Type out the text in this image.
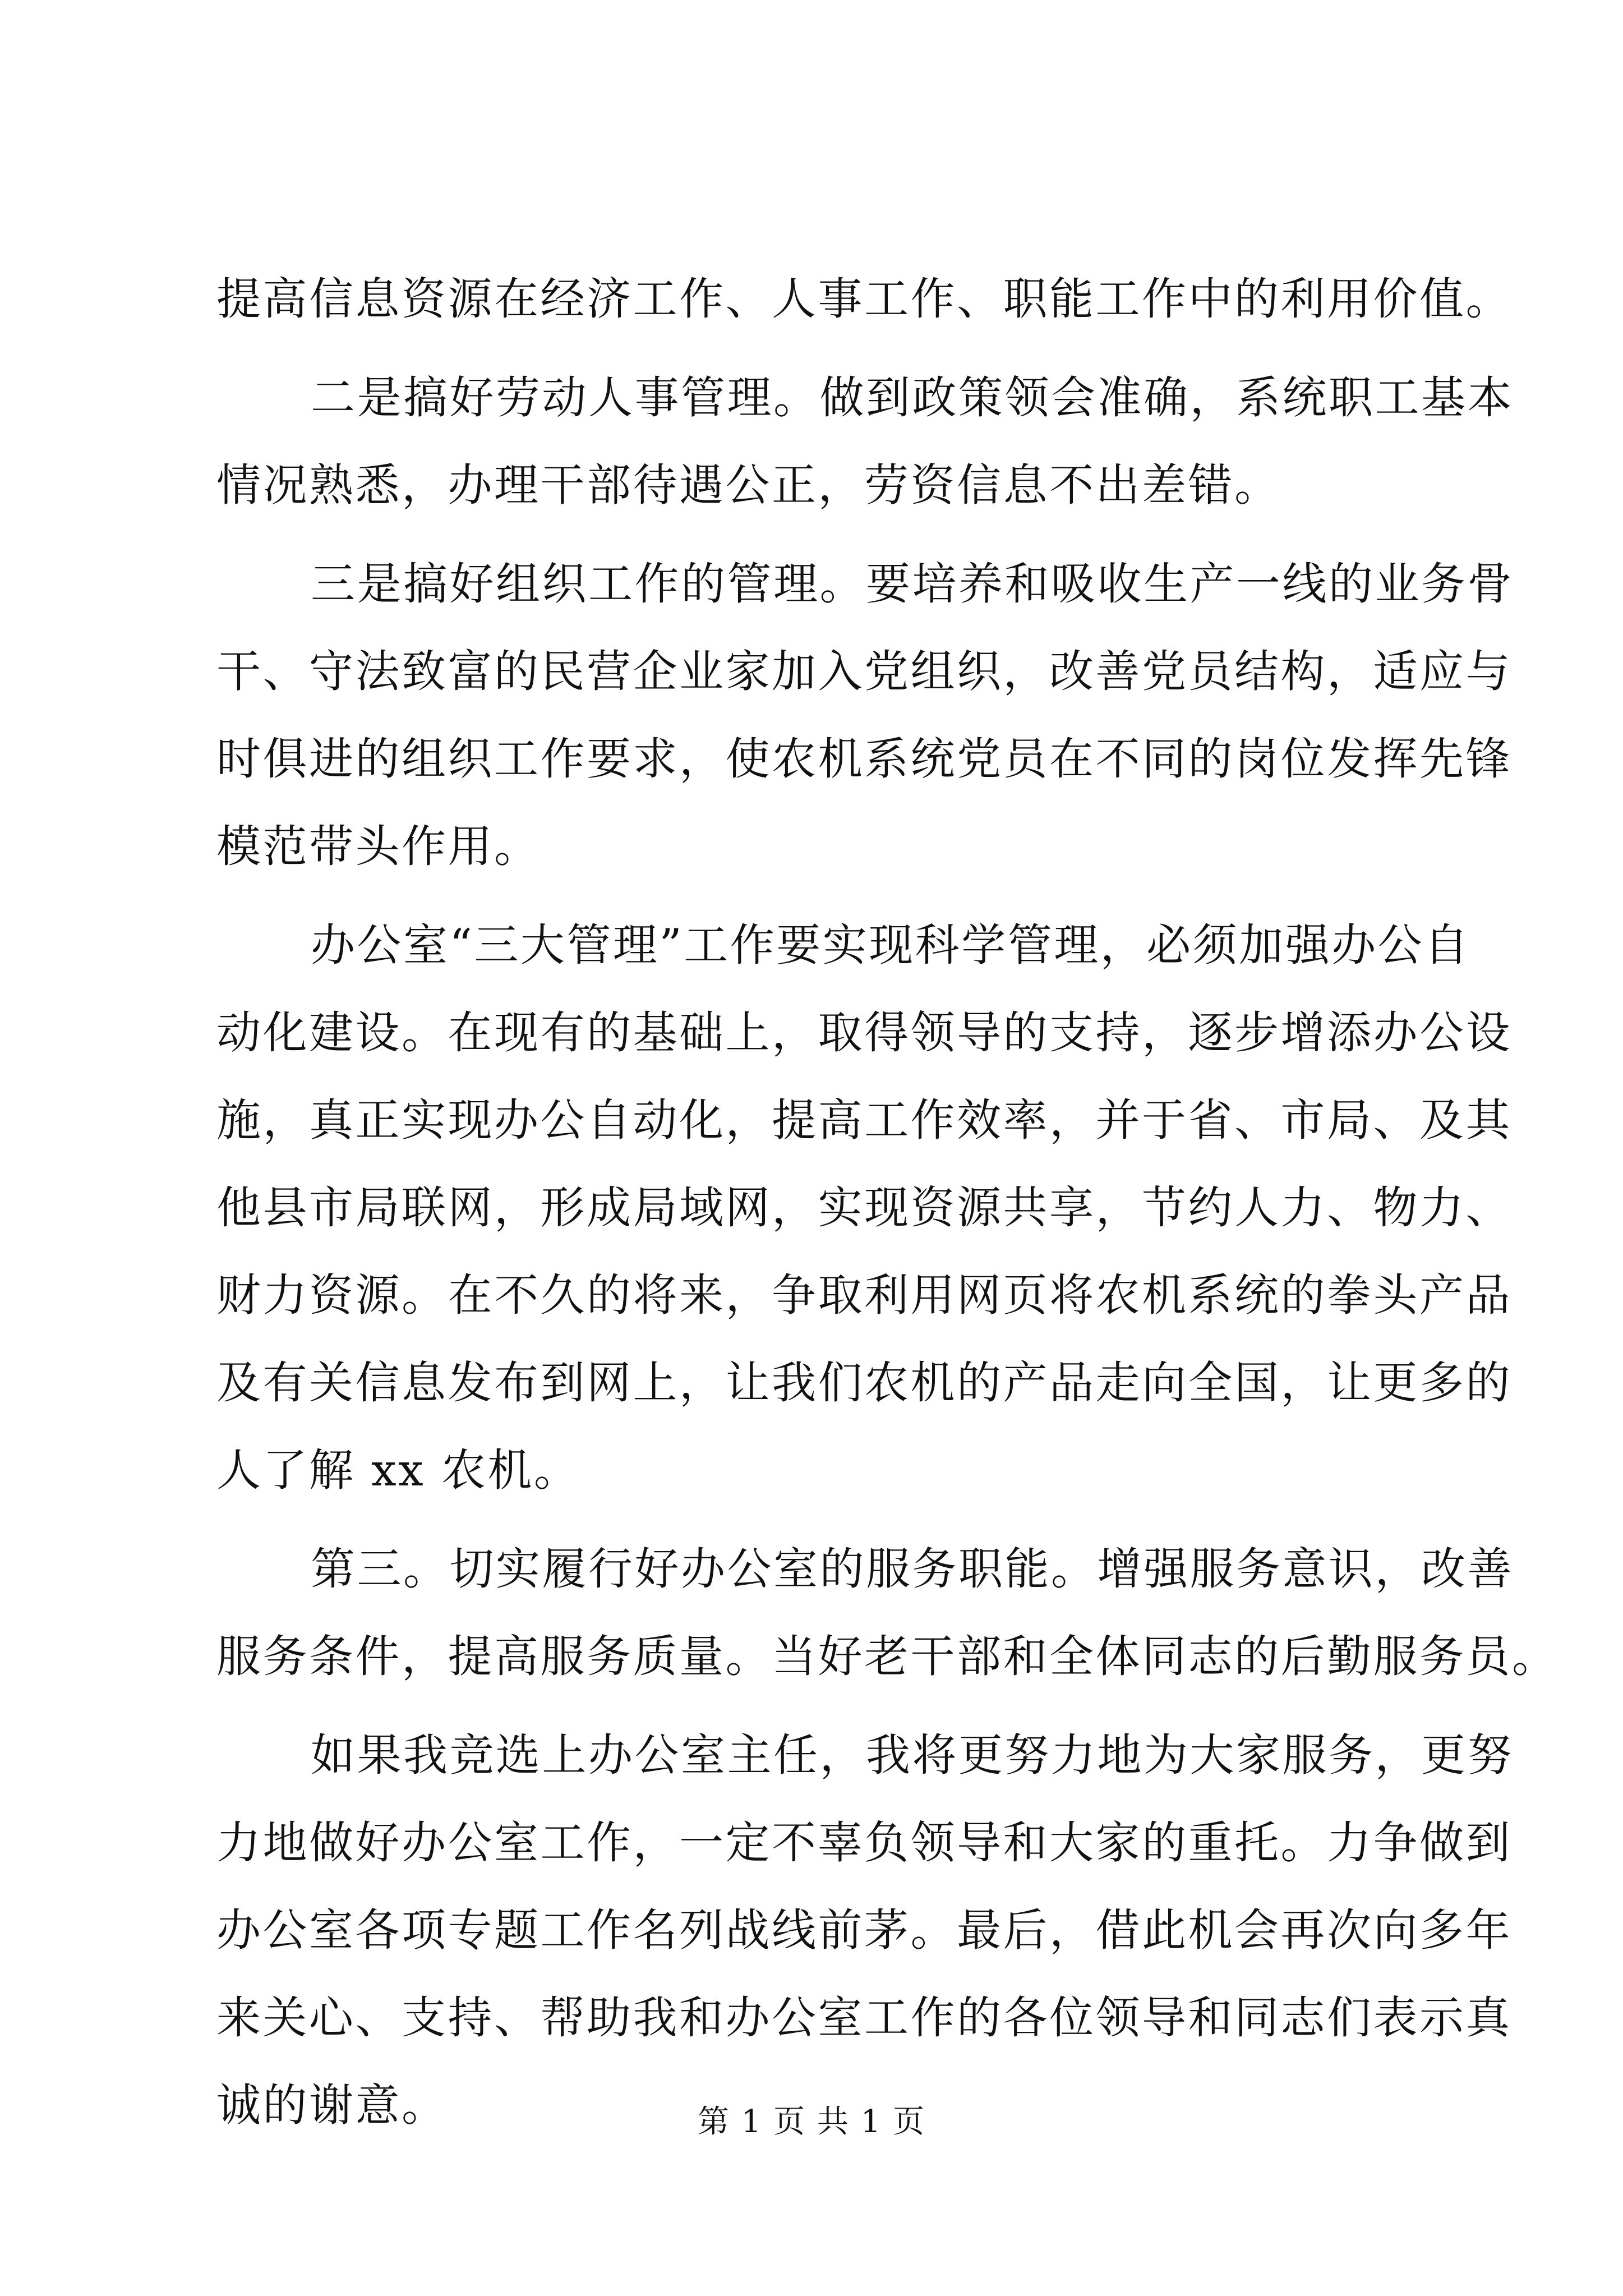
提高信息资源在经济工作、人事工作、职能工作中的利用价值。
二是搞好劳动人事管理。做到政策领会准确，系统职工基本
情况熟悉，办理干部待遇公正，劳资信息不出差错。
三是搞好组织工作的管理。要培养和吸收生产一线的业务骨
干、守法致富的民营企业家加入党组织，改善党员结构，适应与
时俱进的组织工作要求，使农机系统党员在不同的岗位发挥先锋
模范带头作用。
办公室“三大管理”工作要实现科学管理，必须加强办公自
动化建设。在现有的基础上，取得领导的支持，逐步增添办公设
施，真正实现办公自动化，提高工作效率，并于省、市局、及其
他县市局联网，形成局域网，实现资源共享，节约人力、物力、
财力资源。在不久的将来，争取利用网页将农机系统的拳头产品
及有关信息发布到网上，让我们农机的产品走向全国，让更多的
人了解 xx 农机。
第三。切实履行好办公室的服务职能。增强服务意识，改善
服务条件，提高服务质量。当好老干部和全体同志的后勤服务员。
如果我竞选上办公室主任，我将更努力地为大家服务，更努
力地做好办公室工作，一定不辜负领导和大家的重托。力争做到
办公室各项专题工作名列战线前茅。最后，借此机会再次向多年
来关心、支持、帮助我和办公室工作的各位领导和同志们表示真
诚的谢意。	第 1 页 共 1 页
